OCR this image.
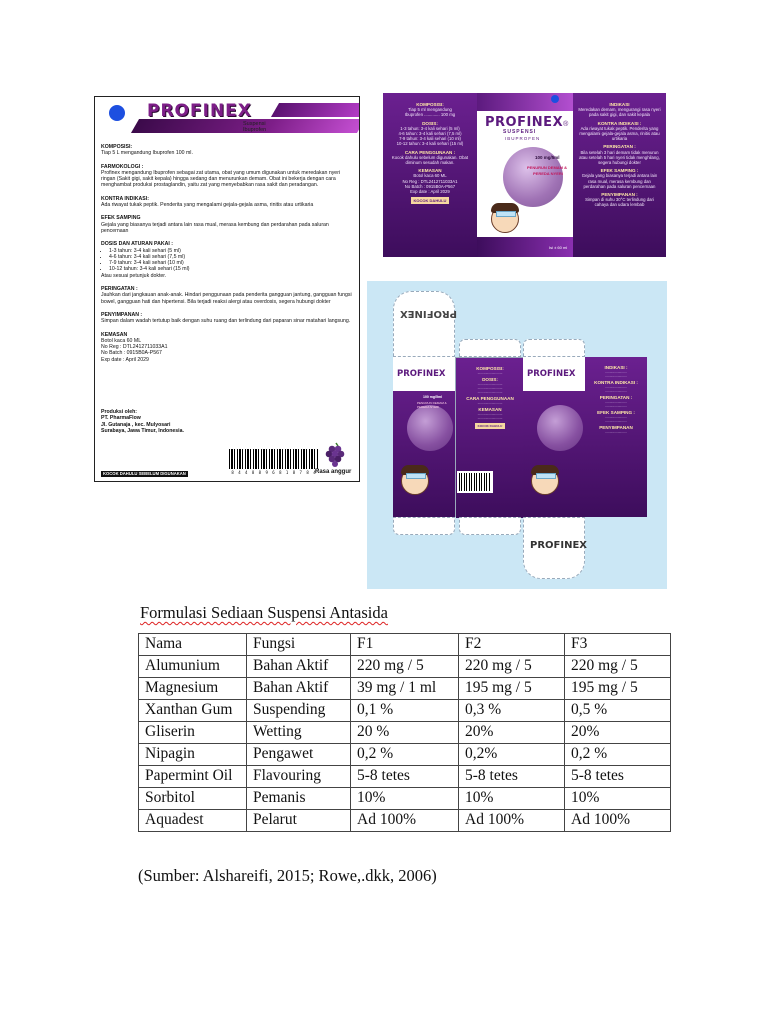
PROFINEX
Suspensi
Ibuprofen
KOMPOSISI:

Tiap 5 L mengandung Ibuprofen 100 ml.

FARMOKOLOGI :

Profinex mengandung Ibuprofen sebagai zat utama, obat yang umum digunakan untuk meredakan nyeri ringan (Sakit gigi, sakit kepala) hingga sedang dan menurunkan demam. Obat ini bekerja dengan cara menghambat produksi prostaglandin, yaitu zat yang menyebabkan rasa sakit dan peradangan.

KONTRA INDIKASI:

Ada riwayat tukak peptik. Penderita yang mengalami gejala-gejala asma, rinitis atau urtikaria

EFEK SAMPING

Gejala yang biasanya terjadi antara lain rasa mual, merasa kembung dan perdarahan pada saluran pencernaan

DOSIS DAN ATURAN PAKAI :
• 1-3 tahun: 3-4 kali sehari (5 ml)
• 4-6 tahun: 3-4 kali sehari (7,5 ml)
• 7-9 tahun: 3-4 kali sehari (10 ml)
• 10-12 tahun: 3-4 kali sehari (15 ml)

Atau sesuai petunjuk dokter.

PERINGATAN :

Jauhkan dari jangkauan anak-anak. Hindari penggunaan pada penderita gangguan jantung, gangguan fungsi bowel, gangguan hati dan hipertensi. Bila terjadi reaksi alergi atau overdosis, segera hubungi dokter

PENYIMPANAN :

Simpan dalam wadah tertutup baik dengan suhu ruang dan terlindung dari paparan sinar matahari langsung.

KEMASAN

Botol kaca 60 ML

No Reg : DTL2412711033A1

No Batch : 0915B0A-P567

Exp date : April 2029

Produksi oleh:
PT. PharmaFlow
Jl. Gutanaja , kec. Mulyosari
Surabaya, Jawa Timur, Indonesia.
8 4 4 8 8 9 6 8 1 8 7 8 4
KOCOK DAHULU SEBELUM DIGUNAKAN	Rasa anggur
KOMPOSISI:
Tiap 5 ml mengandung
Ibuprofen ............. 100 mg
DOSIS:
1-3 tahun: 3-4 kali sehari (5 ml)
4-6 tahun: 3-4 kali sehari (7,5 ml)
7-9 tahun: 3-4 kali sehari (10 ml)
10-12 tahun: 3-4 kali sehari (15 ml)
CARA PENGGUNAAN :
Kocok dahulu sebelum digunakan. Obat diminum sesudah makan.
KEMASAN
Botol kaca 60 ML
No Reg : DTL2412711033A1
No Batch : 0915B0A-P567
Exp date : April 2029
KOCOK DAHULU
PROFINEX®
SUSPENSI
IBUPROFEN
100 mg/5ml
PENURUN DEMAM &
PEREDA NYERI
Isi ± 60 ml
INDIKASI
Meredakan demam, mengurangi rasa nyeri pada sakit gigi, dan sakit kepala
KONTRA INDIKASI :
Ada riwayat tukak peptik. Penderita yang mengalami gejala-gejala asma, rinitis atau urtikaria
PERINGATAN :
Bila setelah 3 hari demam tidak menurun atau setelah 5 hari nyeri tidak menghilang, segera hubungi dokter
EFEK SAMPING :
Gejala yang biasanya terjadi antara lain rasa mual, merasa kembung dan perdarahan pada saluran pencernaan
PENYIMPANAN :
Simpan di suhu 30°C terlindung dari cahaya dan udara lembab
PROFINEX
PROFINEX
100 mg/5ml
PENURUN DEMAM & PEREDA NYERI
KOMPOSISI:
............................
DOSIS:
............................
............................
............................
CARA PENGGUNAAN
............................
KEMASAN
............................
............................
KOCOK DAHULU
PROFINEX
INDIKASI :
........................
........................
KONTRA INDIKASI :
........................
........................
PERINGATAN :
........................
........................
EFEK SAMPING :
........................
........................
PENYIMPANAN
........................
PROFINEX
Formulasi Sediaan Suspensi Antasida
Nama	Fungsi	F1	F2	F3
Alumunium	Bahan Aktif	220 mg / 5	220 mg / 5	220 mg / 5
Magnesium	Bahan Aktif	39 mg / 1 ml	195 mg / 5	195 mg / 5
Xanthan Gum	Suspending	0,1 %	0,3 %	0,5 %
Gliserin	Wetting	20 %	20%	20%
Nipagin	Pengawet	0,2 %	0,2%	0,2 %
Papermint Oil	Flavouring	5-8 tetes	5-8 tetes	5-8 tetes
Sorbitol	Pemanis	10%	10%	10%
Aquadest	Pelarut	Ad 100%	Ad 100%	Ad 100%
(Sumber: Alshareifi, 2015; Rowe,.dkk, 2006)
